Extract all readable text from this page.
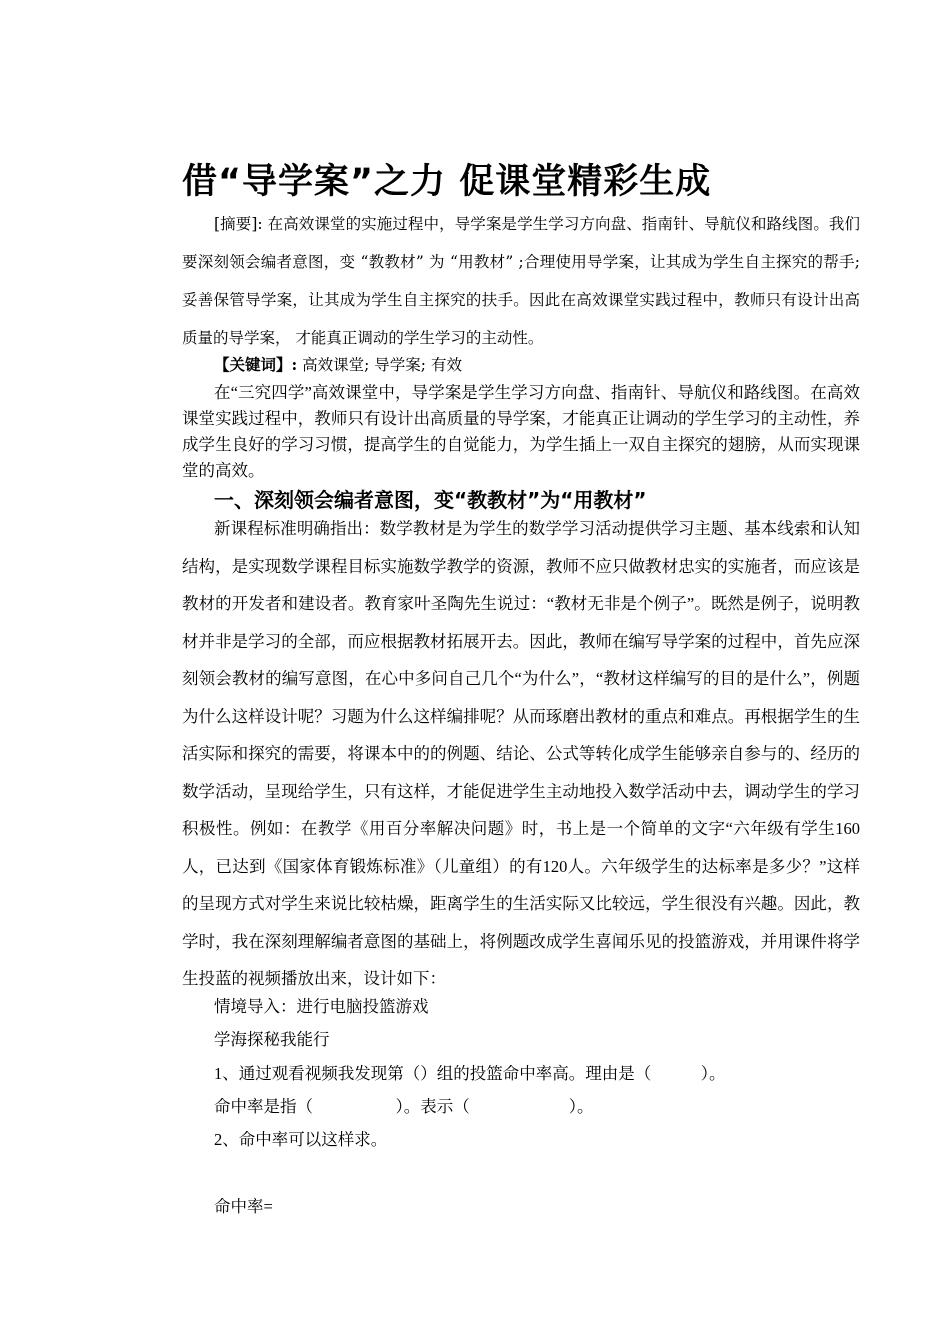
借“导学案”之力 促课堂精彩生成
[摘要]: 在高效课堂的实施过程中，导学案是学生学习方向盘、指南针、导航仪和路线图。我们要深刻领会编者意图，变 “教教材” 为 “用教材” ;合理使用导学案，让其成为学生自主探究的帮手;妥善保管导学案，让其成为学生自主探究的扶手。因此在高效课堂实践过程中，教师只有设计出高质量的导学案， 才能真正调动的学生学习的主动性。
【关键词】: 高效课堂; 导学案; 有效
在“三究四学”高效课堂中，导学案是学生学习方向盘、指南针、导航仪和路线图。在高效课堂实践过程中，教师只有设计出高质量的导学案，才能真正让调动的学生学习的主动性，养成学生良好的学习习惯，提高学生的自觉能力，为学生插上一双自主探究的翅膀，从而实现课堂的高效。
一、深刻领会编者意图，变“教教材”为“用教材”
新课程标准明确指出：数学教材是为学生的数学学习活动提供学习主题、基本线索和认知结构，是实现数学课程目标实施数学教学的资源，教师不应只做教材忠实的实施者，而应该是教材的开发者和建设者。教育家叶圣陶先生说过：“教材无非是个例子”。既然是例子，说明教材并非是学习的全部，而应根据教材拓展开去。因此，教师在编写导学案的过程中，首先应深刻领会教材的编写意图，在心中多问自己几个“为什么”，“教材这样编写的目的是什么”，例题为什么这样设计呢？习题为什么这样编排呢？从而琢磨出教材的重点和难点。再根据学生的生活实际和探究的需要，将课本中的的例题、结论、公式等转化成学生能够亲自参与的、经历的数学活动，呈现给学生，只有这样，才能促进学生主动地投入数学活动中去，调动学生的学习积极性。例如：在教学《用百分率解决问题》时，书上是一个简单的文字“六年级有学生160人，已达到《国家体育锻炼标准》（儿童组）的有120人。六年级学生的达标率是多少？”这样的呈现方式对学生来说比较枯燥，距离学生的生活实际又比较远，学生很没有兴趣。因此，教学时，我在深刻理解编者意图的基础上，将例题改成学生喜闻乐见的投篮游戏，并用课件将学生投蓝的视频播放出来，设计如下：
情境导入：进行电脑投篮游戏
学海探秘我能行
1、通过观看视频我发现第（）组的投篮命中率高。理由是（　　　）。
命中率是指（　　　　　）。表示（　　　　　　）。
2、命中率可以这样求。
命中率=
